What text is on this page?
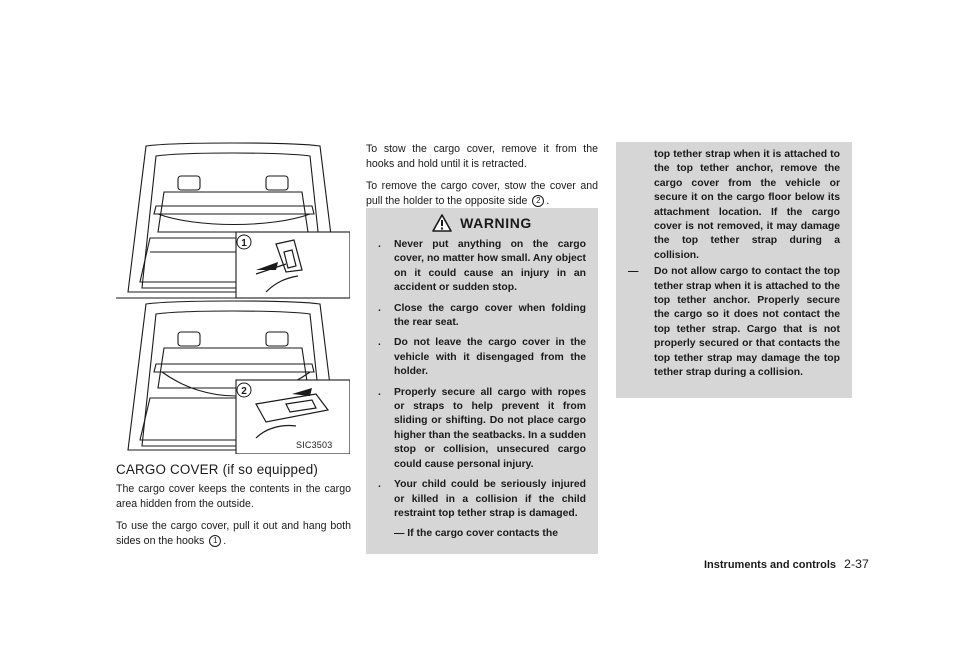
1
2
SIC3503
CARGO COVER (if so equipped)

The cargo cover keeps the contents in the cargo area hidden from the outside.

To use the cargo cover, pull it out and hang both sides on the hooks 1 .

To stow the cargo cover, remove it from the hooks and hold until it is retracted.

To remove the cargo cover, stow the cover and pull the holder to the opposite side 2 .

WARNING
. Never put anything on the cargo cover, no matter how small. Any object on it could cause an injury in an accident or sudden stop.
. Close the cargo cover when folding the rear seat.
. Do not leave the cargo cover in the vehicle with it disengaged from the holder.
. Properly secure all cargo with ropes or straps to help prevent it from sliding or shifting. Do not place cargo higher than the seatbacks. In a sudden stop or collision, unsecured cargo could cause personal injury.
. Your child could be seriously injured or killed in a collision if the child restraint top tether strap is damaged.
— If the cargo cover contacts the
top tether strap when it is attached to the top tether anchor, remove the cargo cover from the vehicle or secure it on the cargo floor below its attachment location. If the cargo cover is not removed, it may damage the top tether strap during a collision.
— Do not allow cargo to contact the top tether strap when it is attached to the top tether anchor. Properly secure the cargo so it does not contact the top tether strap. Cargo that is not properly secured or that contacts the top tether strap may damage the top tether strap during a collision.
Instruments and controls 2-37
